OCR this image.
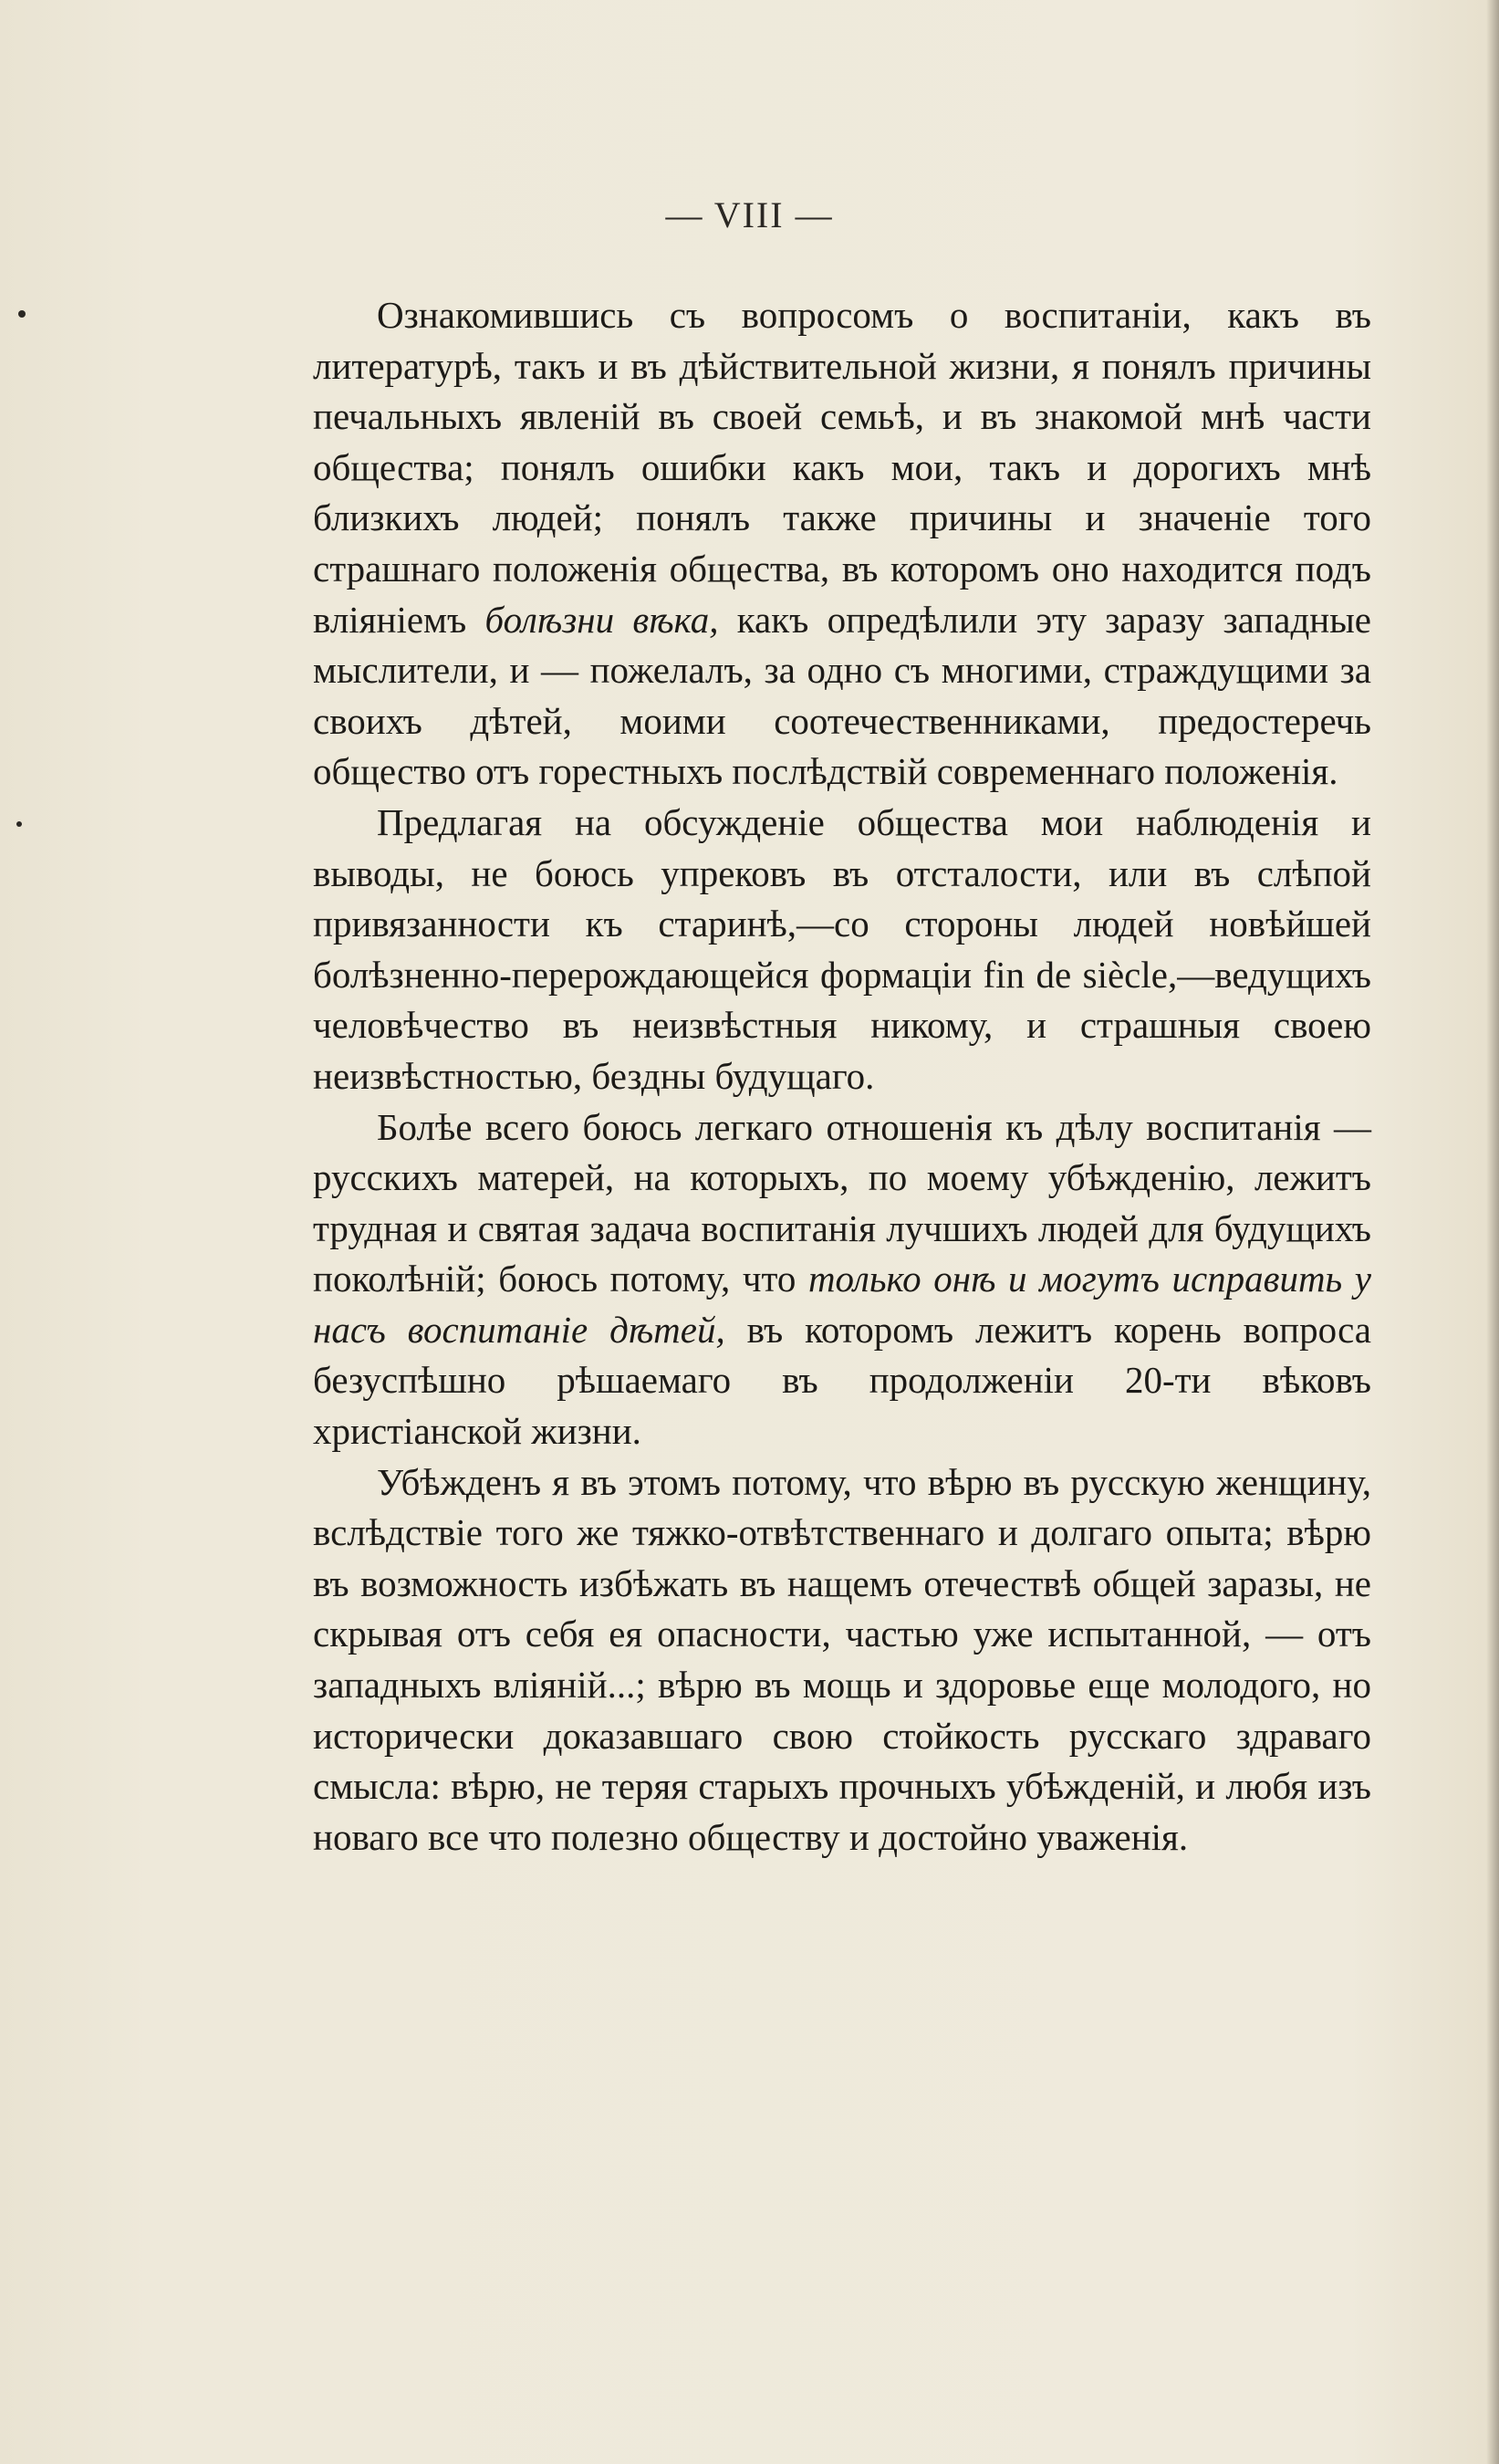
— VIII —

Ознакомившись съ вопросомъ о воспитаніи, какъ въ литературѣ, такъ и въ дѣйствительной жизни, я понялъ причины печальныхъ явленій въ своей семьѣ, и въ знакомой мнѣ части общества; понялъ ошибки какъ мои, такъ и дорогихъ мнѣ близкихъ людей; понялъ также причины и значеніе того страшнаго положенія общества, въ которомъ оно находится подъ вліяніемъ болѣзни вѣка, какъ опредѣлили эту заразу западные мыслители, и — пожелалъ, за одно съ многими, страждущими за своихъ дѣтей, моими соотечественниками, предостеречь общество отъ горестныхъ послѣдствій современнаго положенія.

Предлагая на обсужденіе общества мои наблюденія и выводы, не боюсь упрековъ въ отсталости, или въ слѣпой привязанности къ старинѣ,—со стороны людей новѣйшей болѣзненно-перерождающейся формаціи fin de siècle,—ведущихъ человѣчество въ неизвѣстныя никому, и страшныя своею неизвѣстностью, бездны будущаго.

Болѣе всего боюсь легкаго отношенія къ дѣлу воспитанія — русскихъ матерей, на которыхъ, по моему убѣжденію, лежитъ трудная и святая задача воспитанія лучшихъ людей для будущихъ поколѣній; боюсь потому, что только онѣ и могутъ исправить у насъ воспитаніе дѣтей, въ которомъ лежитъ корень вопроса безуспѣшно рѣшаемаго въ продолженіи 20-ти вѣковъ христіанской жизни.

Убѣжденъ я въ этомъ потому, что вѣрю въ русскую женщину, вслѣдствіе того же тяжко-отвѣтственнаго и долгаго опыта; вѣрю въ возможность избѣжать въ нащемъ отечествѣ общей заразы, не скрывая отъ себя ея опасности, частью уже испытанной, — отъ западныхъ вліяній...; вѣрю въ мощь и здоровье еще молодого, но исторически доказавшаго свою стойкость русскаго здраваго смысла: вѣрю, не теряя старыхъ прочныхъ убѣжденій, и любя изъ новаго все что полезно обществу и достойно уваженія.
